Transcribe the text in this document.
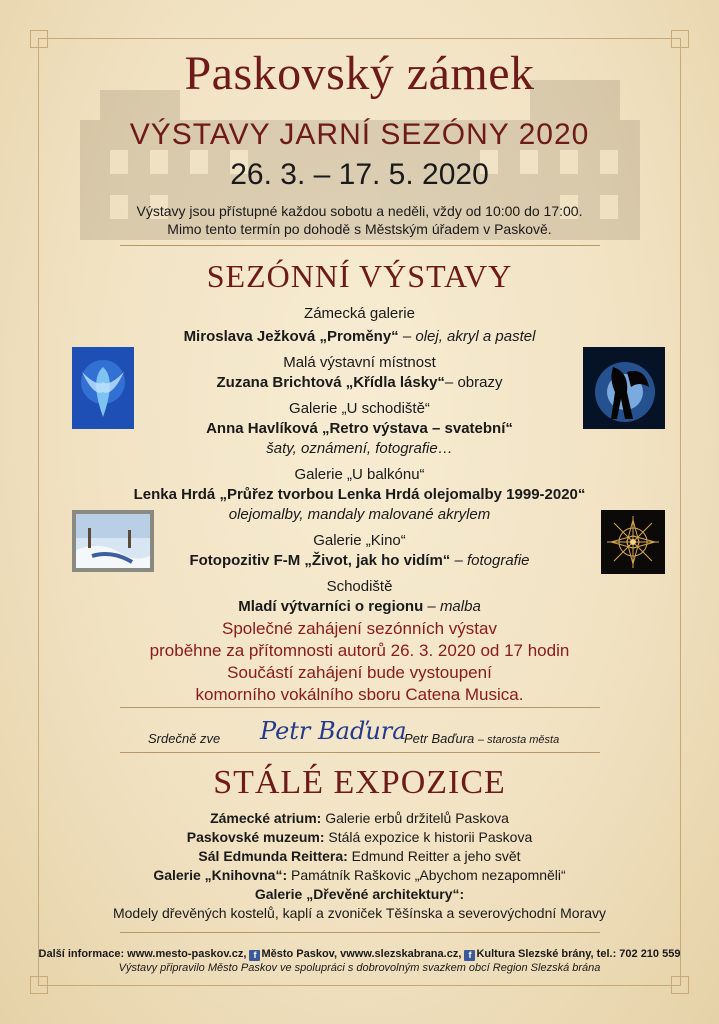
Paskovský zámek
VÝSTAVY JARNÍ SEZÓNY 2020
26. 3. – 17. 5. 2020
Výstavy jsou přístupné každou sobotu a neděli, vždy od 10:00 do 17:00.
Mimo tento termín po dohodě s Městským úřadem v Paskově.
SEZÓNNÍ VÝSTAVY
Zámecká galerie
Miroslava Ježková „Proměny“ – olej, akryl a pastel
Malá výstavní místnost
Zuzana Brichtová „Křídla lásky“– obrazy
Galerie „U schodiště“
Anna Havlíková „Retro výstava – svatební“
šaty, oznámení, fotografie…
Galerie „U balkónu“
Lenka Hrdá „Průřez tvorbou Lenka Hrdá olejomalby 1999-2020“
olejomalby, mandaly malované akrylem
Galerie „Kino“
Fotopozitiv F-M „Život, jak ho vidím“ – fotografie
Schodiště
Mladí výtvarníci o regionu – malba
Společné zahájení sezónních výstav
proběhne za přítomnosti autorů 26. 3. 2020 od 17 hodin
Součástí zahájení bude vystoupení
komorního vokálního sboru Catena Musica.
Srdečně zve Petr Baďura
Petr Baďura – starosta města
STÁLÉ EXPOZICE
Zámecké atrium: Galerie erbů držitelů Paskova
Paskovské muzeum: Stálá expozice k historii Paskova
Sál Edmunda Reittera: Edmund Reitter a jeho svět
Galerie „Knihovna“: Památník Raškovic „Abychom nezapomněli“
Galerie „Dřevěné architektury“:
Modely dřevěných kostelů, kaplí a zvoniček Těšínska a severovýchodní Moravy
Další informace: www.mesto-paskov.cz, f Město Paskov, vwww.slezskabrana.cz, f Kultura Slezské brány, tel.: 702 210 559
Výstavy připravilo Město Paskov ve spolupráci s dobrovolným svazkem obcí Region Slezská brána
